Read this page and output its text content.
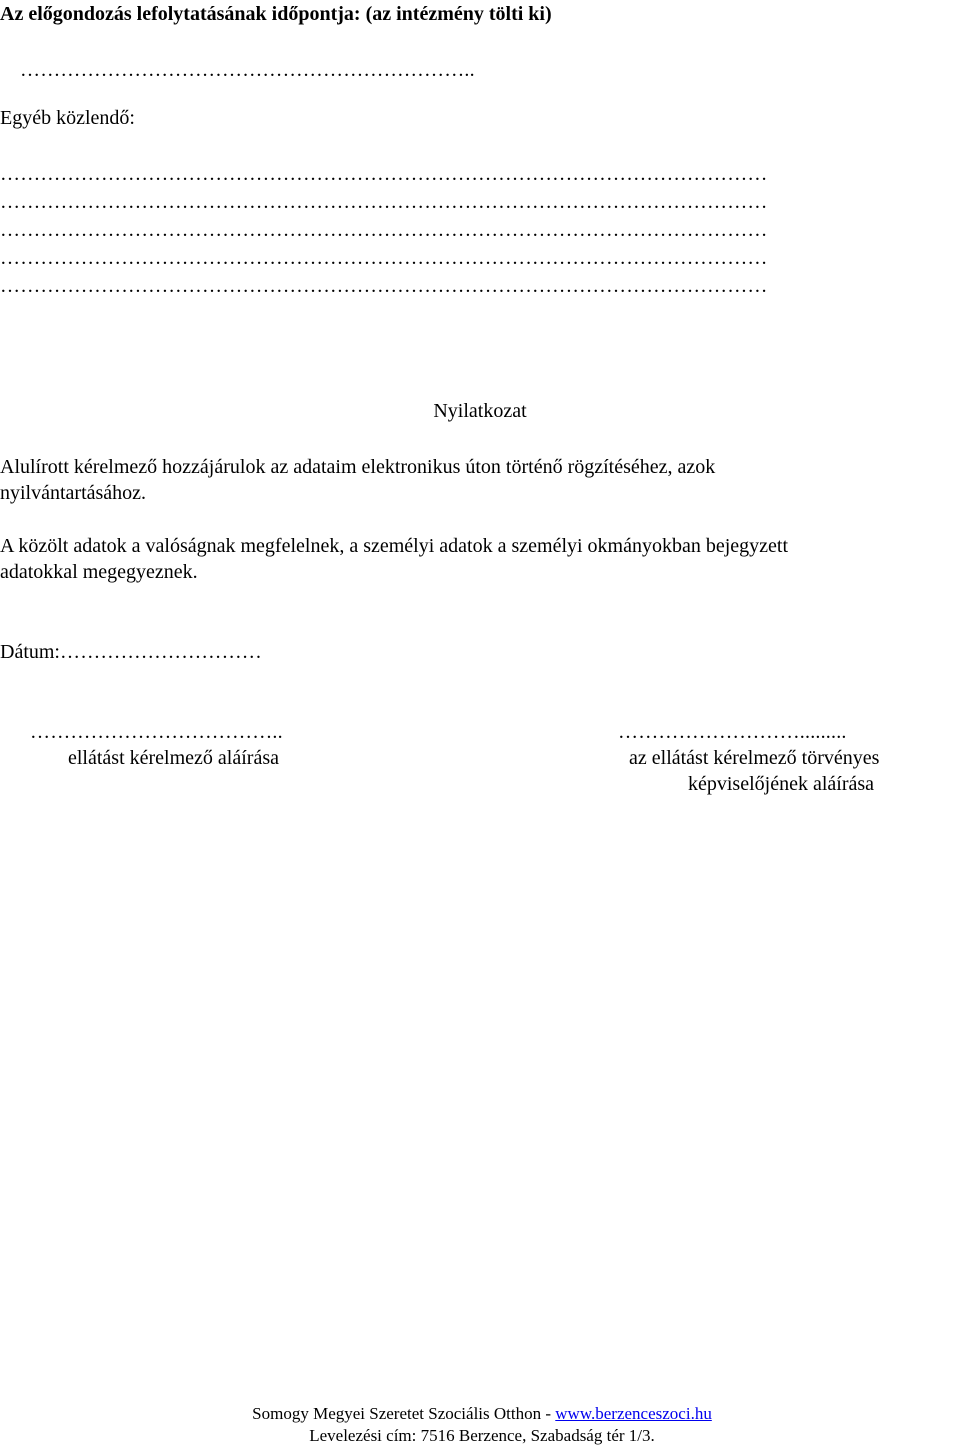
Az előgondozás lefolytatásának időpontja: (az intézmény tölti ki)
…………………………………………………………..
Egyéb közlendő:
……………………………………………………………………………………………………
……………………………………………………………………………………………………
……………………………………………………………………………………………………
……………………………………………………………………………………………………
……………………………………………………………………………………………………
Nyilatkozat
Alulírott kérelmező hozzájárulok az adataim elektronikus úton történő rögzítéséhez, azok
nyilvántartásához.
A közölt adatok a valóságnak megfelelnek, a személyi adatok a személyi okmányokban bejegyzett
adatokkal megegyeznek.
Dátum:…………………………
………………………………..
ellátást kérelmező aláírása
……………………….........
az ellátást kérelmező törvényes
képviselőjének aláírása
Somogy Megyei Szeretet Szociális Otthon - www.berzenceszoci.hu
Levelezési cím: 7516 Berzence, Szabadság tér 1/3.
